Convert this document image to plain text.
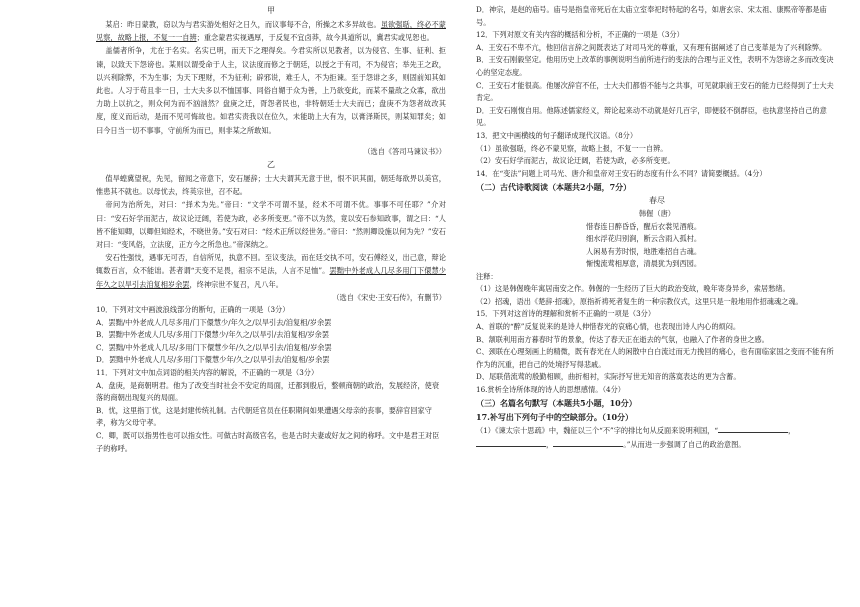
甲

某启：昨日蒙教，窃以为与君实游处相好之日久，而议事每不合，所操之术多异故也。虽欲强聒，终必不蒙见察，故略上报，不复一一自辨；重念蒙君实视遇厚，于反复不宜卤莽，故今具道所以，冀君实或见恕也。

盖儒者所争，尤在于名实。名实已明，而天下之理得矣。今君实所以见教者，以为侵官、生事、征利、拒谏，以致天下怨谤也。某则以谓受命于人主，议法度而修之于朝廷，以授之于有司，不为侵官；举先王之政，以兴利除弊，不为生事；为天下理财，不为征利；辟邪说，难壬人，不为拒谏。至于怨诽之多，则固前知其如此也。人习于苟且非一日，士大夫多以不恤国事、同俗自媚于众为善，上乃欲变此，而某不量敌之众寡，欲出力助上以抗之，则众何为而不汹汹然？盘庚之迁，胥怨者民也，非特朝廷士大夫而已；盘庚不为怨者故改其度，度义而后动，是而不见可悔故也。如君实责我以在位久，未能助上大有为，以膏泽斯民，则某知罪矣；如曰今日当一切不事事，守前所为而已，则非某之所敢知。

（选自《答司马谏议书》）

乙

值旱蝗冀望祝，先见，留闻之帝意下，安石屡辞；士大夫谓其无意于世，恨不识其面，朝廷每欲畀以美官，惟患其不就也。以母忧去，终英宗世，召不起。

帝问为治所先，对曰：“择术为先。”帝曰：“文学不可谓不显，经术不可谓不优。事事不可任耶？”介对曰：“安石好学而泥古，故议论迂阔，若使为政，必多所变更。”帝不以为然，竟以安石参知政事，谓之曰：“人皆不能知卿，以卿但知经术，不晓世务。”安石对曰：“经术正所以经世务。”帝曰：“然则卿设施以何为先？”安石对曰：“变风俗，立法度，正方今之所急也。”帝深纳之。

安石性强忮，遇事无可否，自信所见，执意不回。至议变法，而在廷交执不可，安石傅经义，出己意，辩论辄数百言，众不能诎。甚者谓“天变不足畏，祖宗不足法，人言不足恤”。罢黜中外老成人几尽多用门下儇慧少年久之以旱引去洎复相岁余罢，终神宗世不复召，凡八年。

（选自《宋史·王安石传》，有删节）

10．下列对文中画波浪线部分的断句，正确的一项是（3分）

A．罢黜/中外老成人几尽多用/门下儇慧少/年久之/以旱引去/洎复相/岁余罢

B．罢黜中外老成人几尽/多用门下儇慧少/年久之/以旱引/去洎复相/岁余罢

C．罢黜/中外老成人几尽/多用门下儇慧少年/久之/以旱引去/洎复相/岁余罢

D．罢黜中外老成人几尽/多用门下儇慧少年/久之/以旱引去/洎复相/岁余罢

11．下列对文中加点词语的相关内容的解说，不正确的一项是（3分）

A．盘庚，是商朝明君。他为了改变当时社会不安定的局面，迁都到殷后，整顿商朝的政治，发展经济，使衰落的商朝出现复兴的局面。

B．忧，这里指丁忧，这是封建传统礼制。古代朝廷官员在任职期间如果遭遇父母亲的丧事，要辞官回家守孝，称为父母守孝。

C．卿，既可以指男性也可以指女性。可做古时高级官名，也是古时夫妻或好友之间的称呼。文中是君王对臣子的称呼。

D．神宗，是赵的庙号。庙号是指皇帝死后在太庙立室奉祀时特起的名号，如唐玄宗、宋太祖、康熙帝等都是庙号。

12．下列对原文有关内容的概括和分析，不正确的一项是（3分）

A．王安石不卑不亢，他回信言辞之间既表达了对司马光的尊重，又有理有据阐述了自己变革是为了兴利除弊。

B．王安石刚毅坚定。他用历史上改革的事例说明当前所进行的变法的合理与正义性，表明不为怨谤之多而改变决心的坚定态度。

C．王安石才能很高。他屡次辞官不任，士大夫们都悟不能与之共事，可见就职前王安石的能力已经得到了士大夫肯定。

D．王安石刚愎自用。他陈述儒家经义，辩论起来动不动就是好几百字，即便驳不倒群臣，也执意坚持自己的意见。

13．把文中画横线的句子翻译成现代汉语。（8分）

（1）虽欲强聒，终必不蒙见察，故略上报，不复一一自辨。

（2）安石好学而泥古，故议论迂阔，若使为政，必多所变更。

14．在“变法”问题上司马光、唐介和皇帝对王安石的态度有什么不同？请简要概括。（4分）

（二）古代诗歌阅读（本题共2小题，7分）

春尽

韩偓（唐）

惜春连日醉昏昏，醒后衣裳见酒痕。

细水浮花归别涧，断云含雨入孤村。

人闲易有芳时恨，地胜难招自古魂。

惭愧流莺相厚意，清晨犹为到西园。

注释：

（1）这是韩偓晚年寓居南安之作。韩偓的一生经历了巨大的政治变故，晚年寄身异乡，索居愁绪。

（2）招魂，语出《楚辞·招魂》，原指祈祷死者复生的一种宗教仪式，这里只是一般地用作招魂魂之魂。

15．下列对这首诗的理解和赏析不正确的一项是（3分）

A、首联的“醉”反复说来的是诗人伸惜春光的哀痛心情，也表现出诗人内心的烦闷。

B、颔联利用南方暮春时节的景象，传达了春天正在逝去的气氛，也融入了作者的身世之感。

C、颈联在心理刻画上的精微，既有春光在人的闲散中白白流过而无力挽回的痛心，也有面临家国之变而不能有所作为的沉重，把自己的处境抒写得悲戚。

D、尾联借流莺的殷勤相顾，曲折相衬，实际抒写世无知音的落寞表达的更为含蓄。

16.赏析全诗所体现的诗人的思想感情。（4分）

（三）名篇名句默写（本题共5小题，10分）

17.补写出下列句子中的空缺部分。（10分）

（1）《谏太宗十思疏》中，魏征以三个“不”字的排比句从反面来说明利国，“	，，	。”从而进一步强调了自己的政治意图。
